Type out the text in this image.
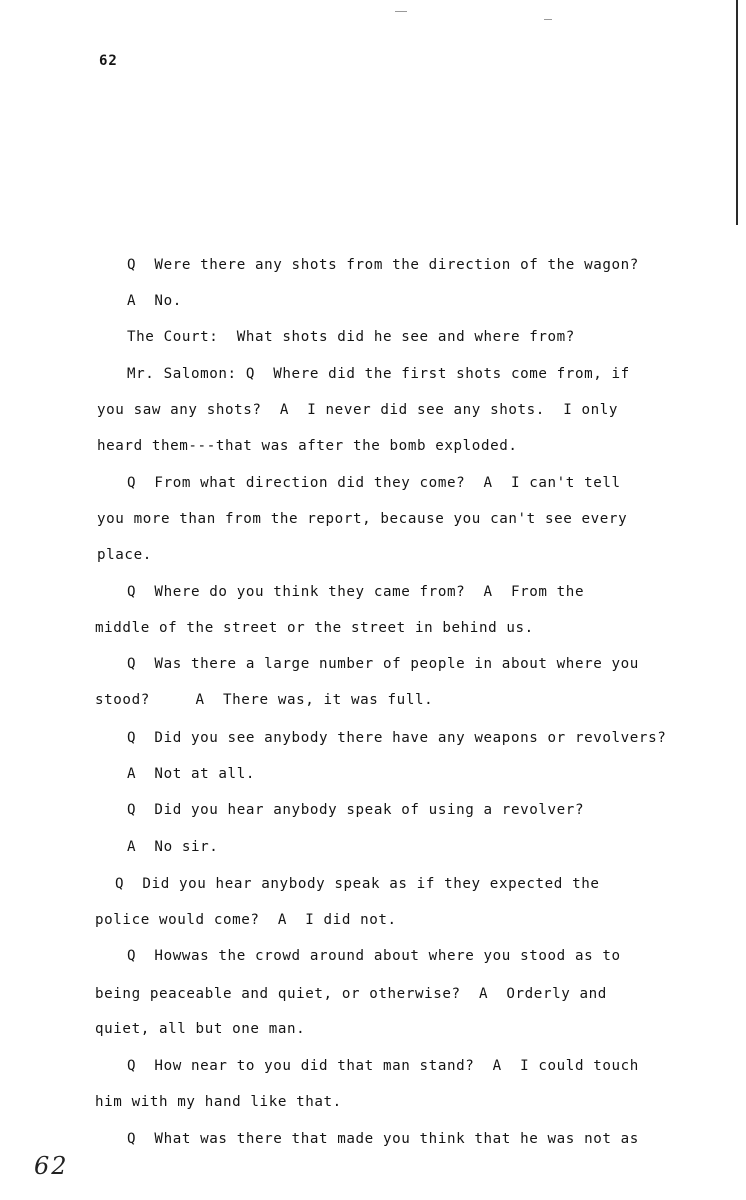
62
Q  Were there any shots from the direction of the wagon?
A  No.
The Court:  What shots did he see and where from?
Mr. Salomon: Q  Where did the first shots come from, if
you saw any shots?  A  I never did see any shots.  I only
heard them---that was after the bomb exploded.
Q  From what direction did they come?  A  I can't tell
you more than from the report, because you can't see every
place.
Q  Where do you think they came from?  A  From the
middle of the street or the street in behind us.
Q  Was there a large number of people in about where you
stood?     A  There was, it was full.
Q  Did you see anybody there have any weapons or revolvers?
A  Not at all.
Q  Did you hear anybody speak of using a revolver?
A  No sir.
Q  Did you hear anybody speak as if they expected the
police would come?  A  I did not.
Q  Howwas the crowd around about where you stood as to
being peaceable and quiet, or otherwise?  A  Orderly and
quiet, all but one man.
Q  How near to you did that man stand?  A  I could touch
him with my hand like that.
Q  What was there that made you think that he was not as
62
